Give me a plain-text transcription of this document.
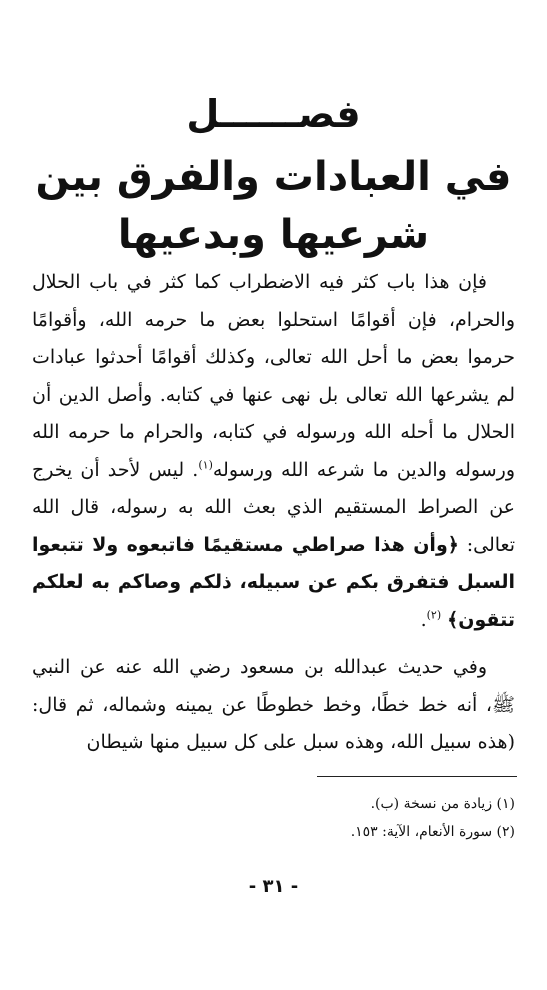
فصــــــل
في العبادات والفرق بين شرعيها وبدعيها

فإن هذا باب كثر فيه الاضطراب كما كثر في باب الحلال والحرام، فإن أقوامًا استحلوا بعض ما حرمه الله، وأقوامًا حرموا بعض ما أحل الله تعالى، وكذلك أقوامًا أحدثوا عبادات لم يشرعها الله تعالى بل نهى عنها في كتابه. وأصل الدين أن الحلال ما أحله الله ورسوله في كتابه، والحرام ما حرمه الله ورسوله والدين ما شرعه الله ورسوله$^{(١)}$. ليس لأحد أن يخرج عن الصراط المستقيم الذي بعث الله به رسوله، قال الله تعالى: ﴿وأن هذا صراطي مستقيمًا فاتبعوه ولا تتبعوا السبل فتفرق بكم عن سبيله، ذلكم وصاكم به لعلكم تتقون﴾ $^{(٢)}$.

وفي حديث عبدالله بن مسعود رضي الله عنه عن النبي ﷺ، أنه خط خطًا، وخط خطوطًا عن يمينه وشماله، ثم قال: (هذه سبيل الله، وهذه سبل على كل سبيل منها شيطان

(١) زيادة من نسخة (ب).
(٢) سورة الأنعام، الآية: ١٥٣.
- ٣١ -
